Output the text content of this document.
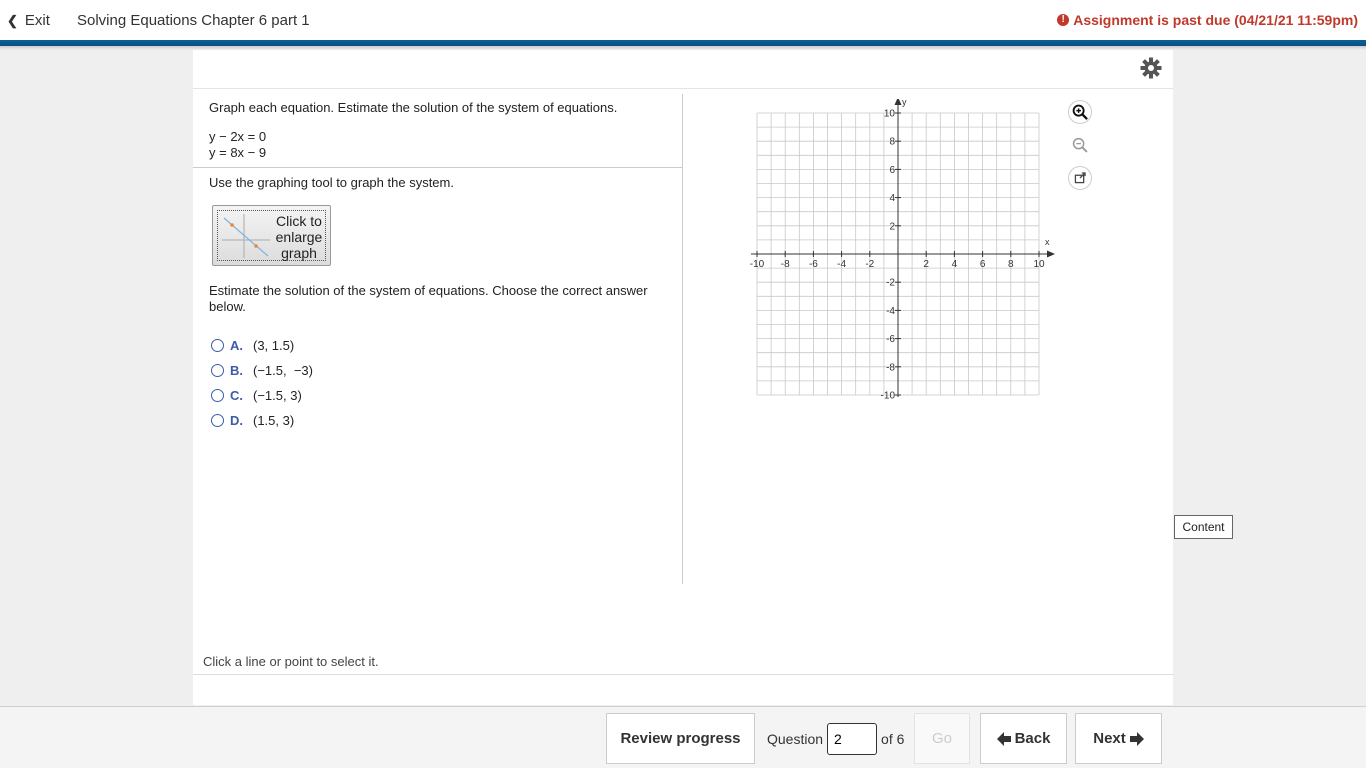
❮ Exit Solving Equations Chapter 6 part 1	! Assignment is past due (04/21/21 11:59pm)
Graph each equation. Estimate the solution of the system of equations.
y − 2x = 0
y = 8x − 9
Use the graphing tool to graph the system.
Click to enlarge graph
Estimate the solution of the system of equations. Choose the correct answer below.
A. (3, 1.5)
B. (−1.5,  −3)
C. (−1.5, 3)
D. (1.5, 3)
x
y
-10
-10
-8
-8
-6
-6
-4
-4
-2
-2
2
2
4
4
6
6
8
8
10
10
Click a line or point to select it.
Content
Review progress	Question
2	of 6	Go	Back	Next
